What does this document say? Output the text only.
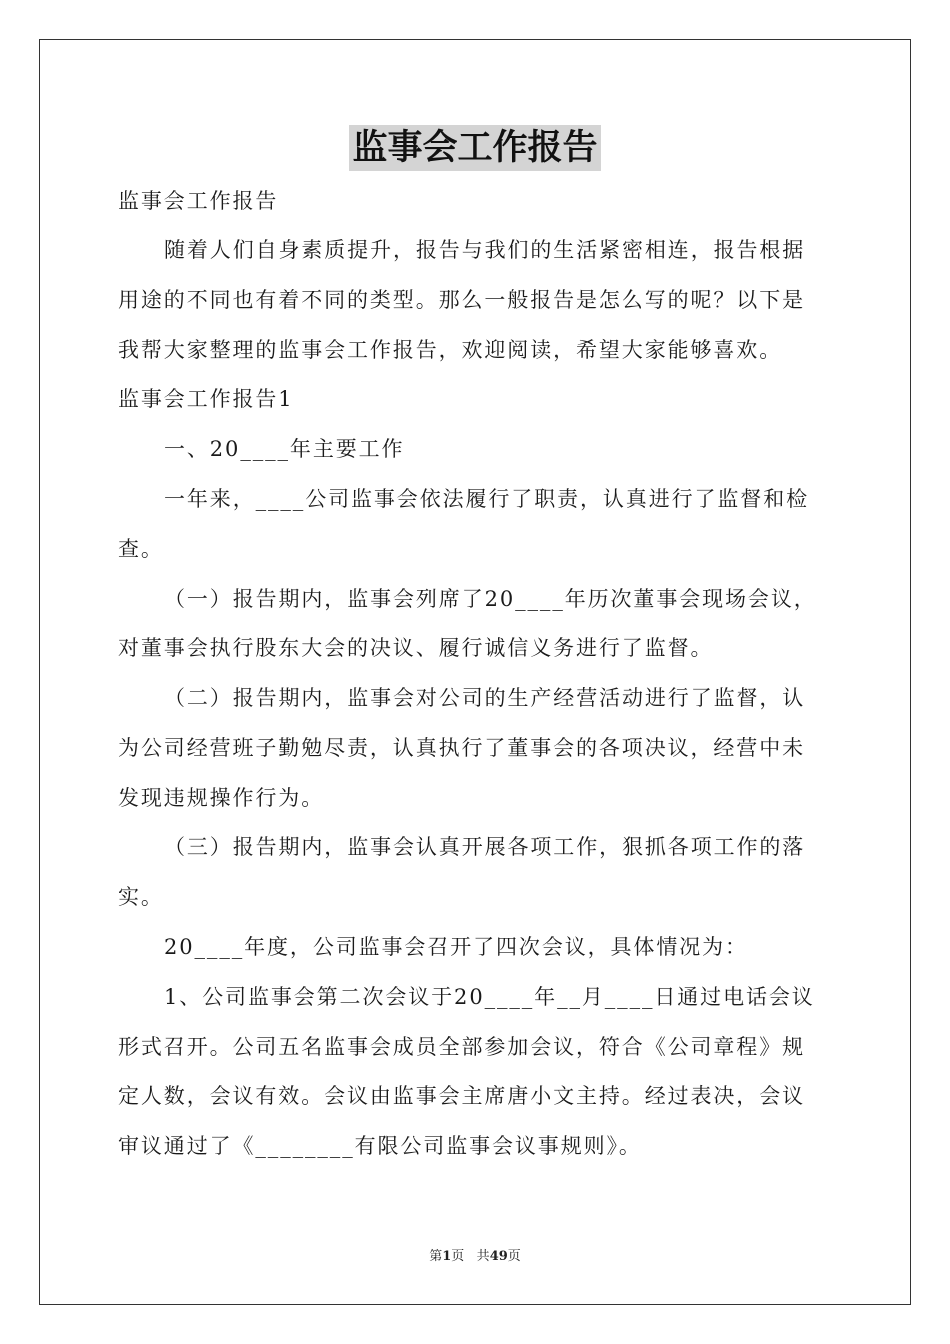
监事会工作报告

监事会工作报告

随着人们自身素质提升，报告与我们的生活紧密相连，报告根据

用途的不同也有着不同的类型。那么一般报告是怎么写的呢？以下是

我帮大家整理的监事会工作报告，欢迎阅读，希望大家能够喜欢。

监事会工作报告1

一、20____年主要工作

一年来，____公司监事会依法履行了职责，认真进行了监督和检

查。

（一）报告期内，监事会列席了20____年历次董事会现场会议，

对董事会执行股东大会的决议、履行诚信义务进行了监督。

（二）报告期内，监事会对公司的生产经营活动进行了监督，认

为公司经营班子勤勉尽责，认真执行了董事会的各项决议，经营中未

发现违规操作行为。

（三）报告期内，监事会认真开展各项工作，狠抓各项工作的落

实。

20____年度，公司监事会召开了四次会议，具体情况为：

1、公司监事会第二次会议于20____年__月____日通过电话会议

形式召开。公司五名监事会成员全部参加会议，符合《公司章程》规

定人数，会议有效。会议由监事会主席唐小文主持。经过表决，会议

审议通过了《________有限公司监事会议事规则》。

第1页 共49页
